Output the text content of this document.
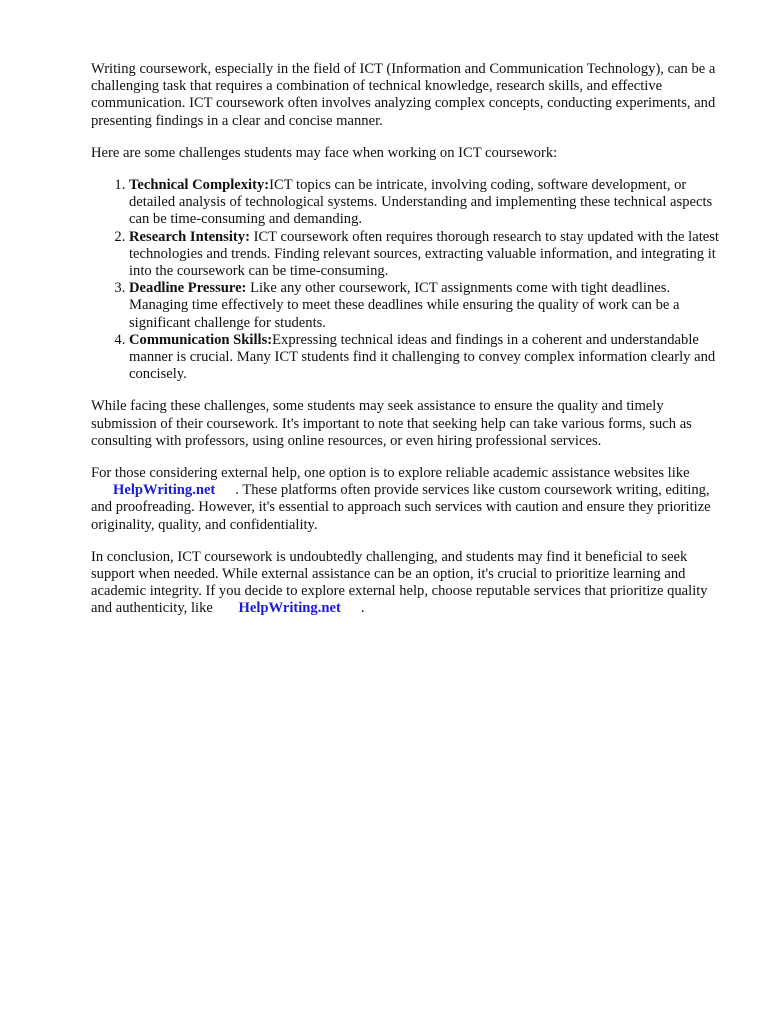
Writing coursework, especially in the field of ICT (Information and Communication Technology), can be a challenging task that requires a combination of technical knowledge, research skills, and effective communication. ICT coursework often involves analyzing complex concepts, conducting experiments, and presenting findings in a clear and concise manner.

Here are some challenges students may face when working on ICT coursework:

1. Technical Complexity:ICT topics can be intricate, involving coding, software development, or detailed analysis of technological systems. Understanding and implementing these technical aspects can be time-consuming and demanding.
2. Research Intensity: ICT coursework often requires thorough research to stay updated with the latest technologies and trends. Finding relevant sources, extracting valuable information, and integrating it into the coursework can be time-consuming.
3. Deadline Pressure: Like any other coursework, ICT assignments come with tight deadlines. Managing time effectively to meet these deadlines while ensuring the quality of work can be a significant challenge for students.
4. Communication Skills:Expressing technical ideas and findings in a coherent and understandable manner is crucial. Many ICT students find it challenging to convey complex information clearly and concisely.

While facing these challenges, some students may seek assistance to ensure the quality and timely submission of their coursework. It's important to note that seeking help can take various forms, such as consulting with professors, using online resources, or even hiring professional services.

For those considering external help, one option is to explore reliable academic assistance websites like HelpWriting.net . These platforms often provide services like custom coursework writing, editing, and proofreading. However, it's essential to approach such services with caution and ensure they prioritize originality, quality, and confidentiality.

In conclusion, ICT coursework is undoubtedly challenging, and students may find it beneficial to seek support when needed. While external assistance can be an option, it's crucial to prioritize learning and academic integrity. If you decide to explore external help, choose reputable services that prioritize quality and authenticity, like HelpWriting.net .
